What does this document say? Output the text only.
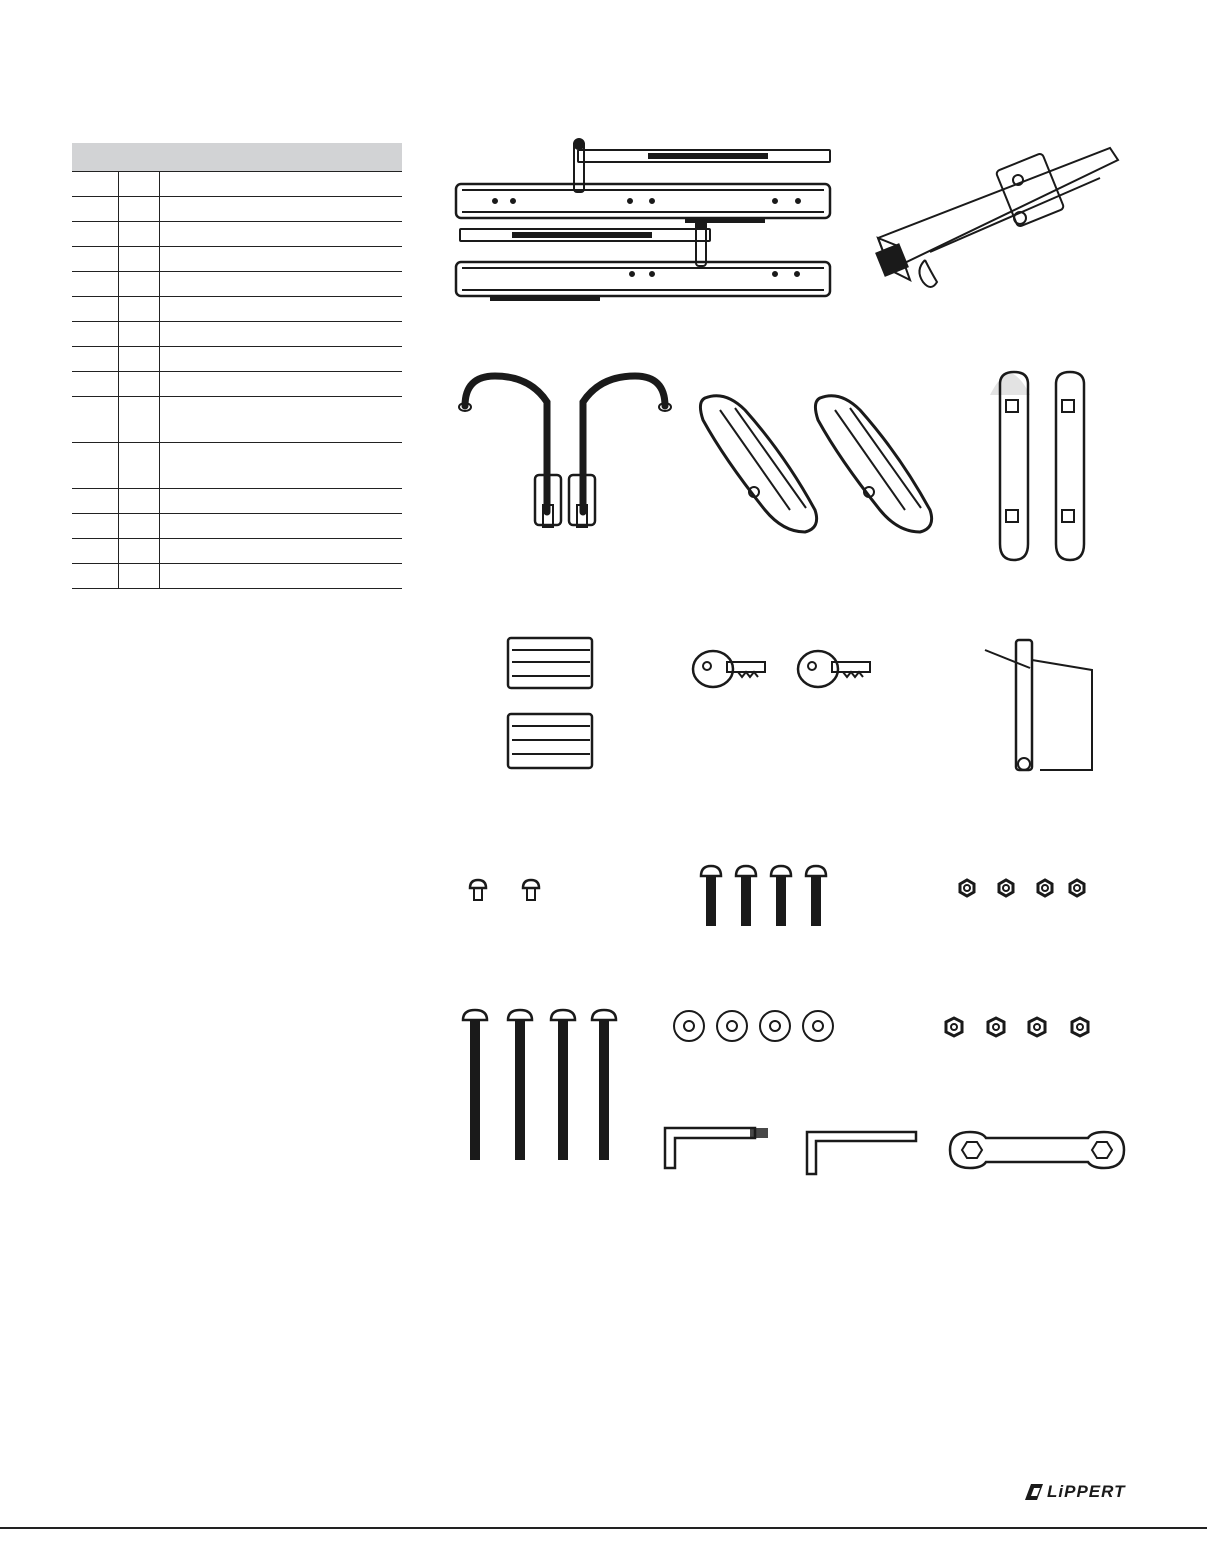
LiPPERT
